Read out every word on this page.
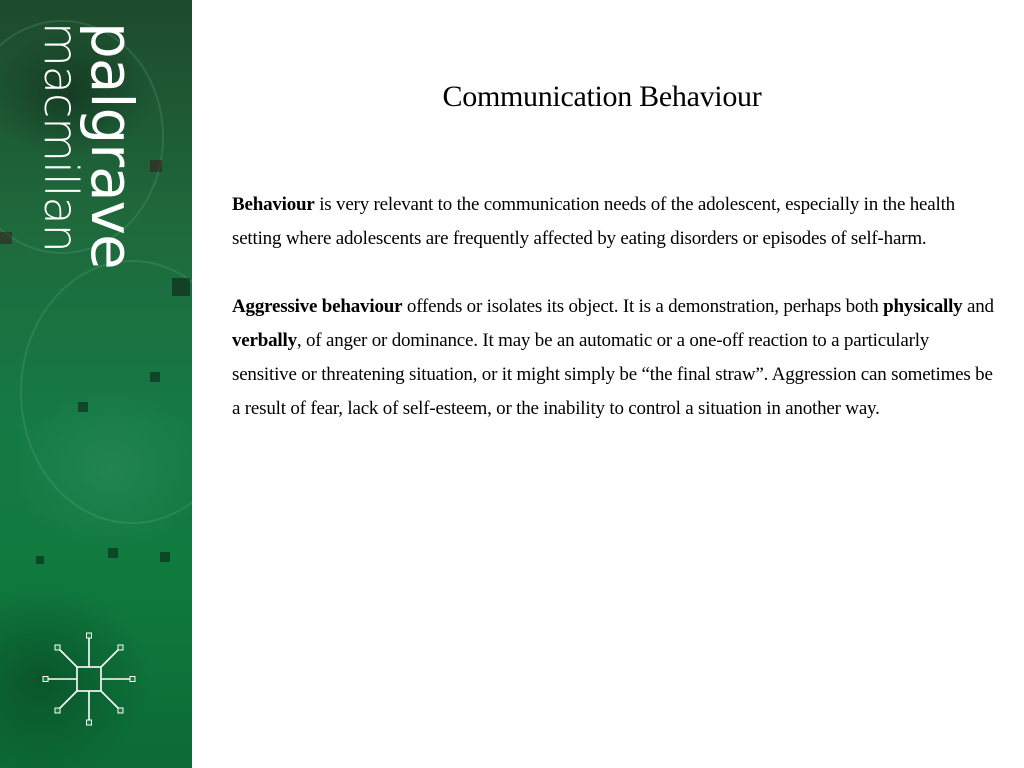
palgrave
macmillan	Communication Behaviour

Behaviour is very relevant to the communication needs of the adolescent, especially in the health setting where adolescents are frequently affected by eating disorders or episodes of self-harm.

Aggressive behaviour offends or isolates its object. It is a demonstration, perhaps both physically and verbally, of anger or dominance. It may be an automatic or a one-off reaction to a particularly sensitive or threatening situation, or it might simply be “the final straw”. Aggression can sometimes be a result of fear, lack of self-esteem, or the inability to control a situation in another way.
